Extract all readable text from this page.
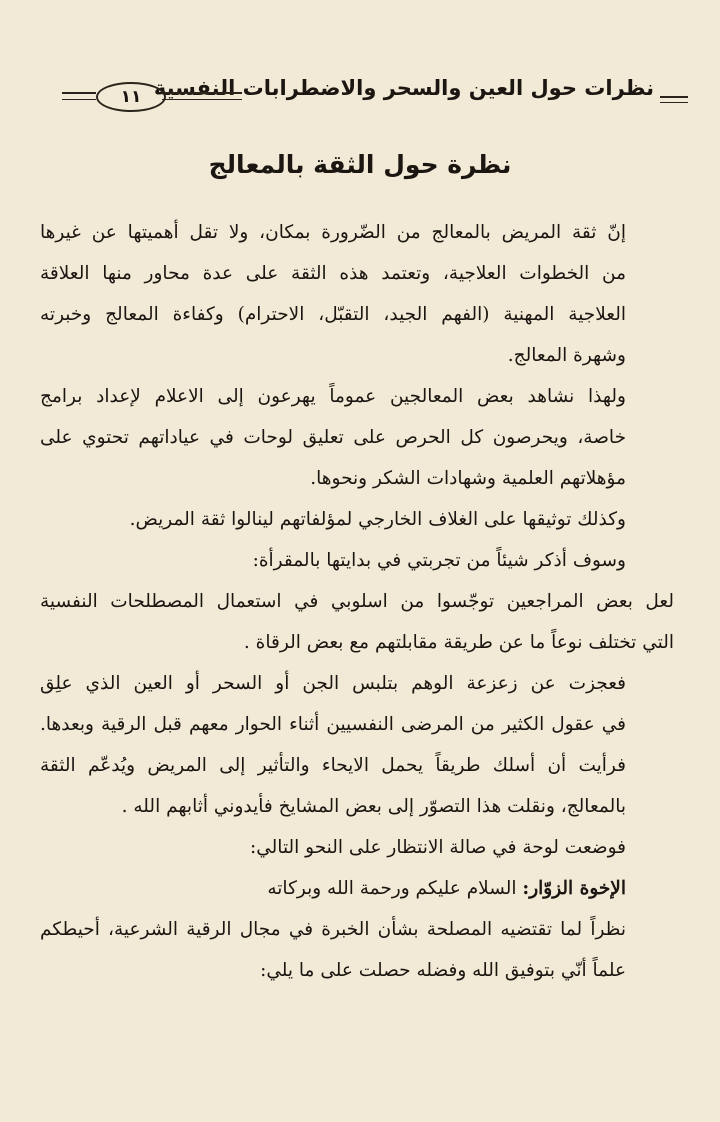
نظرات حول العين والسحر والاضطرابات النفسية
١١
نظرة حول الثقة بالمعالج

إنّ ثقة المريض بالمعالج من الضّرورة بمكان، ولا تقل أهميتها عن غيرها
من الخطوات العلاجية، وتعتمد هذه الثقة على عدة محاور منها العلاقة
العلاجية المهنية (الفهم الجيد، التقبّل، الاحترام) وكفاءة المعالج وخبرته
وشهرة المعالج.

ولهذا نشاهد بعض المعالجين عموماً يهرعون إلى الاعلام لإعداد برامج
خاصة، ويحرصون كل الحرص على تعليق لوحات في عياداتهم تحتوي على
مؤهلاتهم العلمية وشهادات الشكر ونحوها.

وكذلك توثيقها على الغلاف الخارجي لمؤلفاتهم لينالوا ثقة المريض.

وسوف أذكر شيئاً من تجربتي في بدايتها بالمقرأة:

لعل بعض المراجعين توجّسوا من اسلوبي في استعمال المصطلحات النفسية
التي تختلف نوعاً ما عن طريقة مقابلتهم مع بعض الرقاة .

فعجزت عن زعزعة الوهم بتلبس الجن أو السحر أو العين الذي علِق
في عقول الكثير من المرضى النفسيين أثناء الحوار معهم قبل الرقية وبعدها.

فرأيت أن أسلك طريقاً يحمل الايحاء والتأثير إلى المريض ويُدعّم الثقة
بالمعالج، ونقلت هذا التصوّر إلى بعض المشايخ فأيدوني أثابهم الله .

فوضعت لوحة في صالة الانتظار على النحو التالي:

الإخوة الزوّار: السلام عليكم ورحمة الله وبركاته

نظراً لما تقتضيه المصلحة بشأن الخبرة في مجال الرقية الشرعية، أحيطكم
علماً أنّي بتوفيق الله وفضله حصلت على ما يلي:
